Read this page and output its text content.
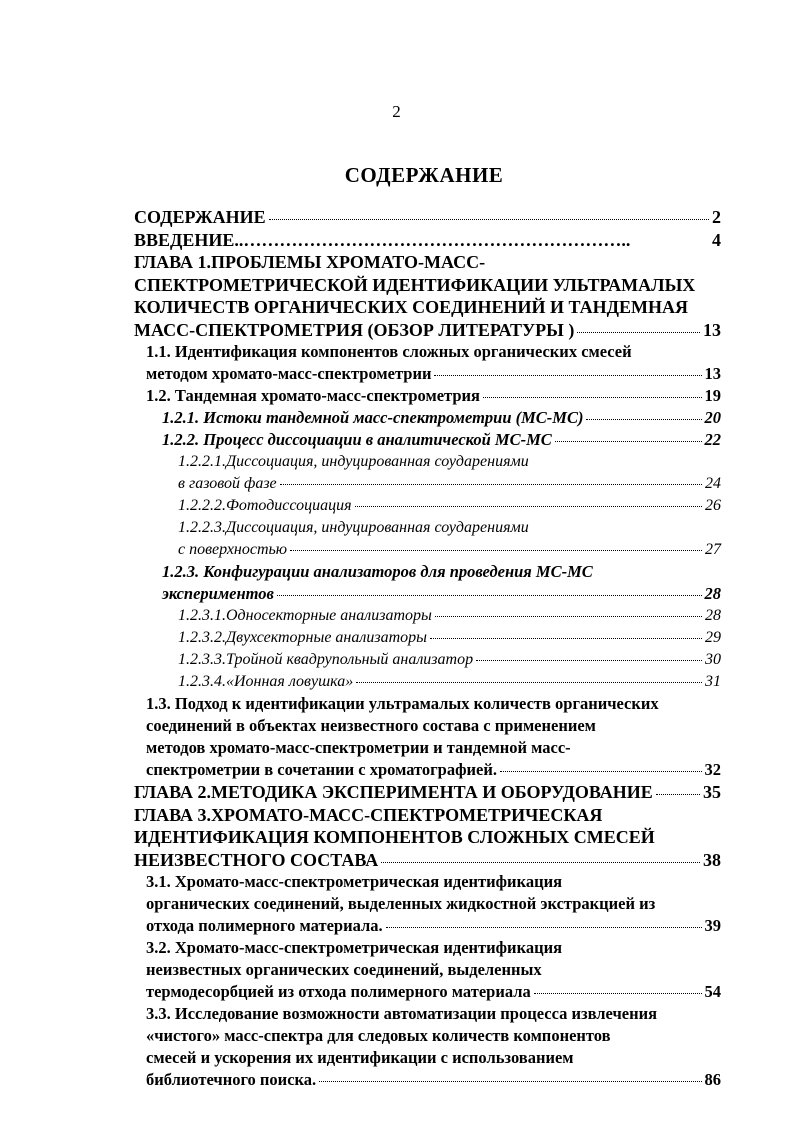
2
СОДЕРЖАНИЕ
СОДЕРЖАНИЕ	2
ВВЕДЕНИЕ..………………………………………………………..	4
ГЛАВА 1.ПРОБЛЕМЫ ХРОМАТО-МАСС-
СПЕКТРОМЕТРИЧЕСКОЙ ИДЕНТИФИКАЦИИ УЛЬТРАМАЛЫХ
КОЛИЧЕСТВ ОРГАНИЧЕСКИХ СОЕДИНЕНИЙ И ТАНДЕМНАЯ
МАСС-СПЕКТРОМЕТРИЯ (ОБЗОР ЛИТЕРАТУРЫ )	13
1.1. Идентификация компонентов сложных органических смесей
методом хромато-масс-спектрометрии	13
1.2. Тандемная хромато-масс-спектрометрия	19
1.2.1. Истоки тандемной масс-спектрометрии (МС-МС)	20
1.2.2. Процесс диссоциации в аналитической МС-МС	22
1.2.2.1.Диссоциация, индуцированная соударениями
в газовой фазе	24
1.2.2.2.Фотодиссоциация	26
1.2.2.3.Диссоциация, индуцированная соударениями
с поверхностью	27
1.2.3. Конфигурации анализаторов для проведения МС-МС
экспериментов	28
1.2.3.1.Односекторные анализаторы	28
1.2.3.2.Двухсекторные анализаторы	29
1.2.3.3.Тройной квадрупольный анализатор	30
1.2.3.4.«Ионная ловушка»	31
1.3. Подход к идентификации ультрамалых количеств органических
соединений в объектах неизвестного состава с применением
методов хромато-масс-спектрометрии и тандемной масс-
спектрометрии в сочетании с хроматографией.	32
ГЛАВА 2.МЕТОДИКА ЭКСПЕРИМЕНТА И ОБОРУДОВАНИЕ	35
ГЛАВА 3.ХРОМАТО-МАСС-СПЕКТРОМЕТРИЧЕСКАЯ
ИДЕНТИФИКАЦИЯ КОМПОНЕНТОВ СЛОЖНЫХ СМЕСЕЙ
НЕИЗВЕСТНОГО СОСТАВА	38
3.1. Хромато-масс-спектрометрическая идентификация
органических соединений, выделенных жидкостной экстракцией из
отхода полимерного материала.	39
3.2. Хромато-масс-спектрометрическая идентификация
неизвестных органических соединений, выделенных
термодесорбцией из отхода полимерного материала	54
3.3. Исследование возможности автоматизации процесса извлечения
«чистого» масс-спектра для следовых количеств компонентов
смесей и ускорения их идентификации с использованием
библиотечного поиска.	86
